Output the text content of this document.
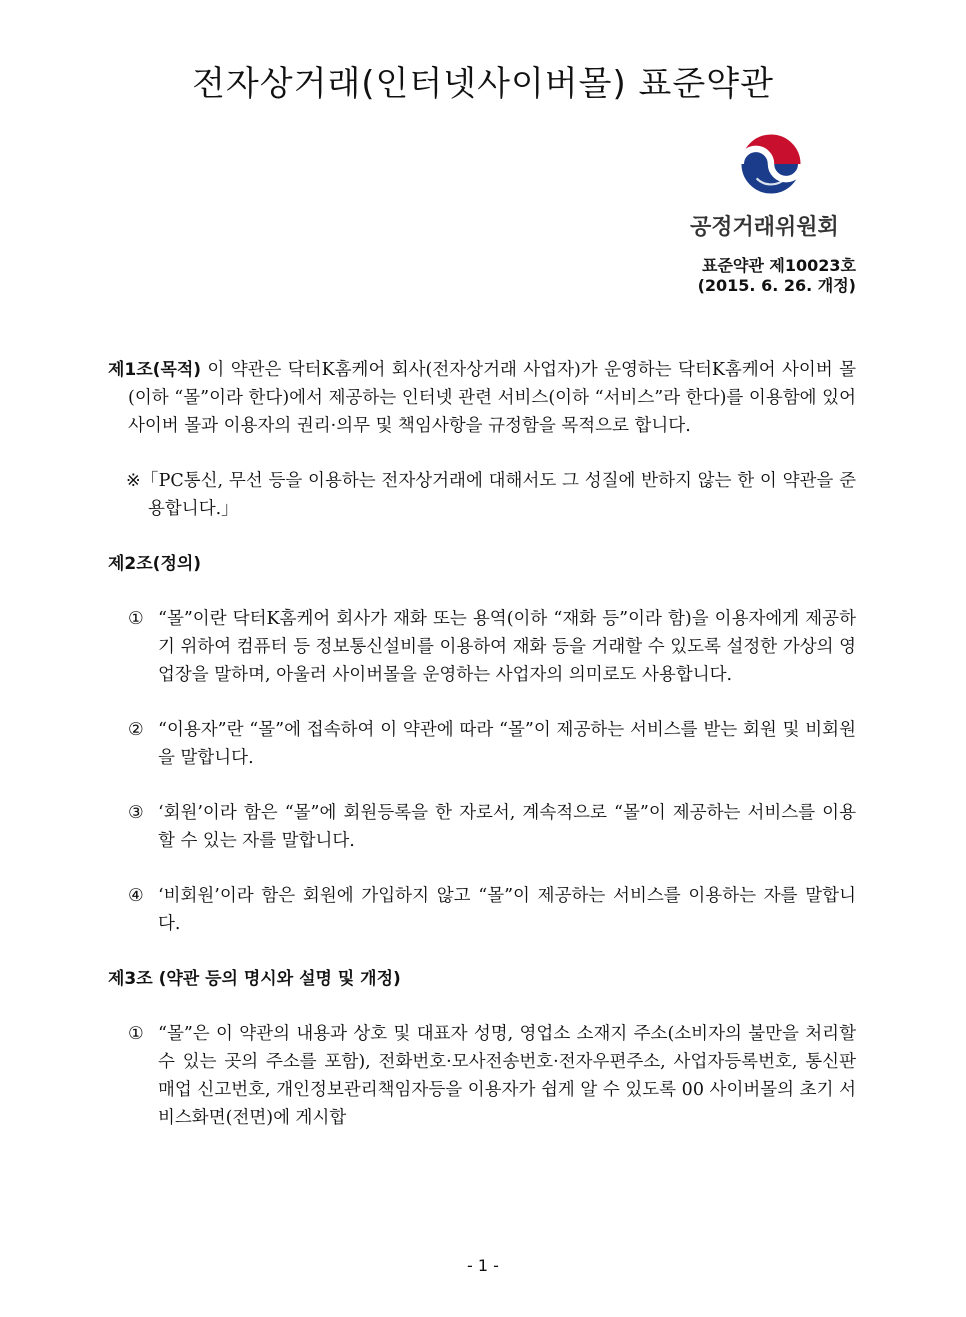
전자상거래(인터넷사이버몰) 표준약관
공정거래위원회
표준약관 제10023호
(2015. 6. 26. 개정)

제1조(목적) 이 약관은 닥터K홈케어 회사(전자상거래 사업자)가 운영하는 닥터K홈케어 사이버 몰(이하 “몰”이라 한다)에서 제공하는 인터넷 관련 서비스(이하 “서비스”라 한다)를 이용함에 있어 사이버 몰과 이용자의 권리·의무 및 책임사항을 규정함을 목적으로 합니다.

※「PC통신, 무선 등을 이용하는 전자상거래에 대해서도 그 성질에 반하지 않는 한 이 약관을 준용합니다.」

제2조(정의)

① “몰”이란 닥터K홈케어 회사가 재화 또는 용역(이하 “재화 등”이라 함)을 이용자에게 제공하기 위하여 컴퓨터 등 정보통신설비를 이용하여 재화 등을 거래할 수 있도록 설정한 가상의 영업장을 말하며, 아울러 사이버몰을 운영하는 사업자의 의미로도 사용합니다.

② “이용자”란 “몰”에 접속하여 이 약관에 따라 “몰”이 제공하는 서비스를 받는 회원 및 비회원을 말합니다.

③ ‘회원’이라 함은 “몰”에 회원등록을 한 자로서, 계속적으로 “몰”이 제공하는 서비스를 이용할 수 있는 자를 말합니다.

④ ‘비회원’이라 함은 회원에 가입하지 않고 “몰”이 제공하는 서비스를 이용하는 자를 말합니다.

제3조 (약관 등의 명시와 설명 및 개정)

① “몰”은 이 약관의 내용과 상호 및 대표자 성명, 영업소 소재지 주소(소비자의 불만을 처리할 수 있는 곳의 주소를 포함), 전화번호·모사전송번호·전자우편주소, 사업자등록번호, 통신판매업 신고번호, 개인정보관리책임자등을 이용자가 쉽게 알 수 있도록 00 사이버몰의 초기 서비스화면(전면)에 게시합

- 1 -
